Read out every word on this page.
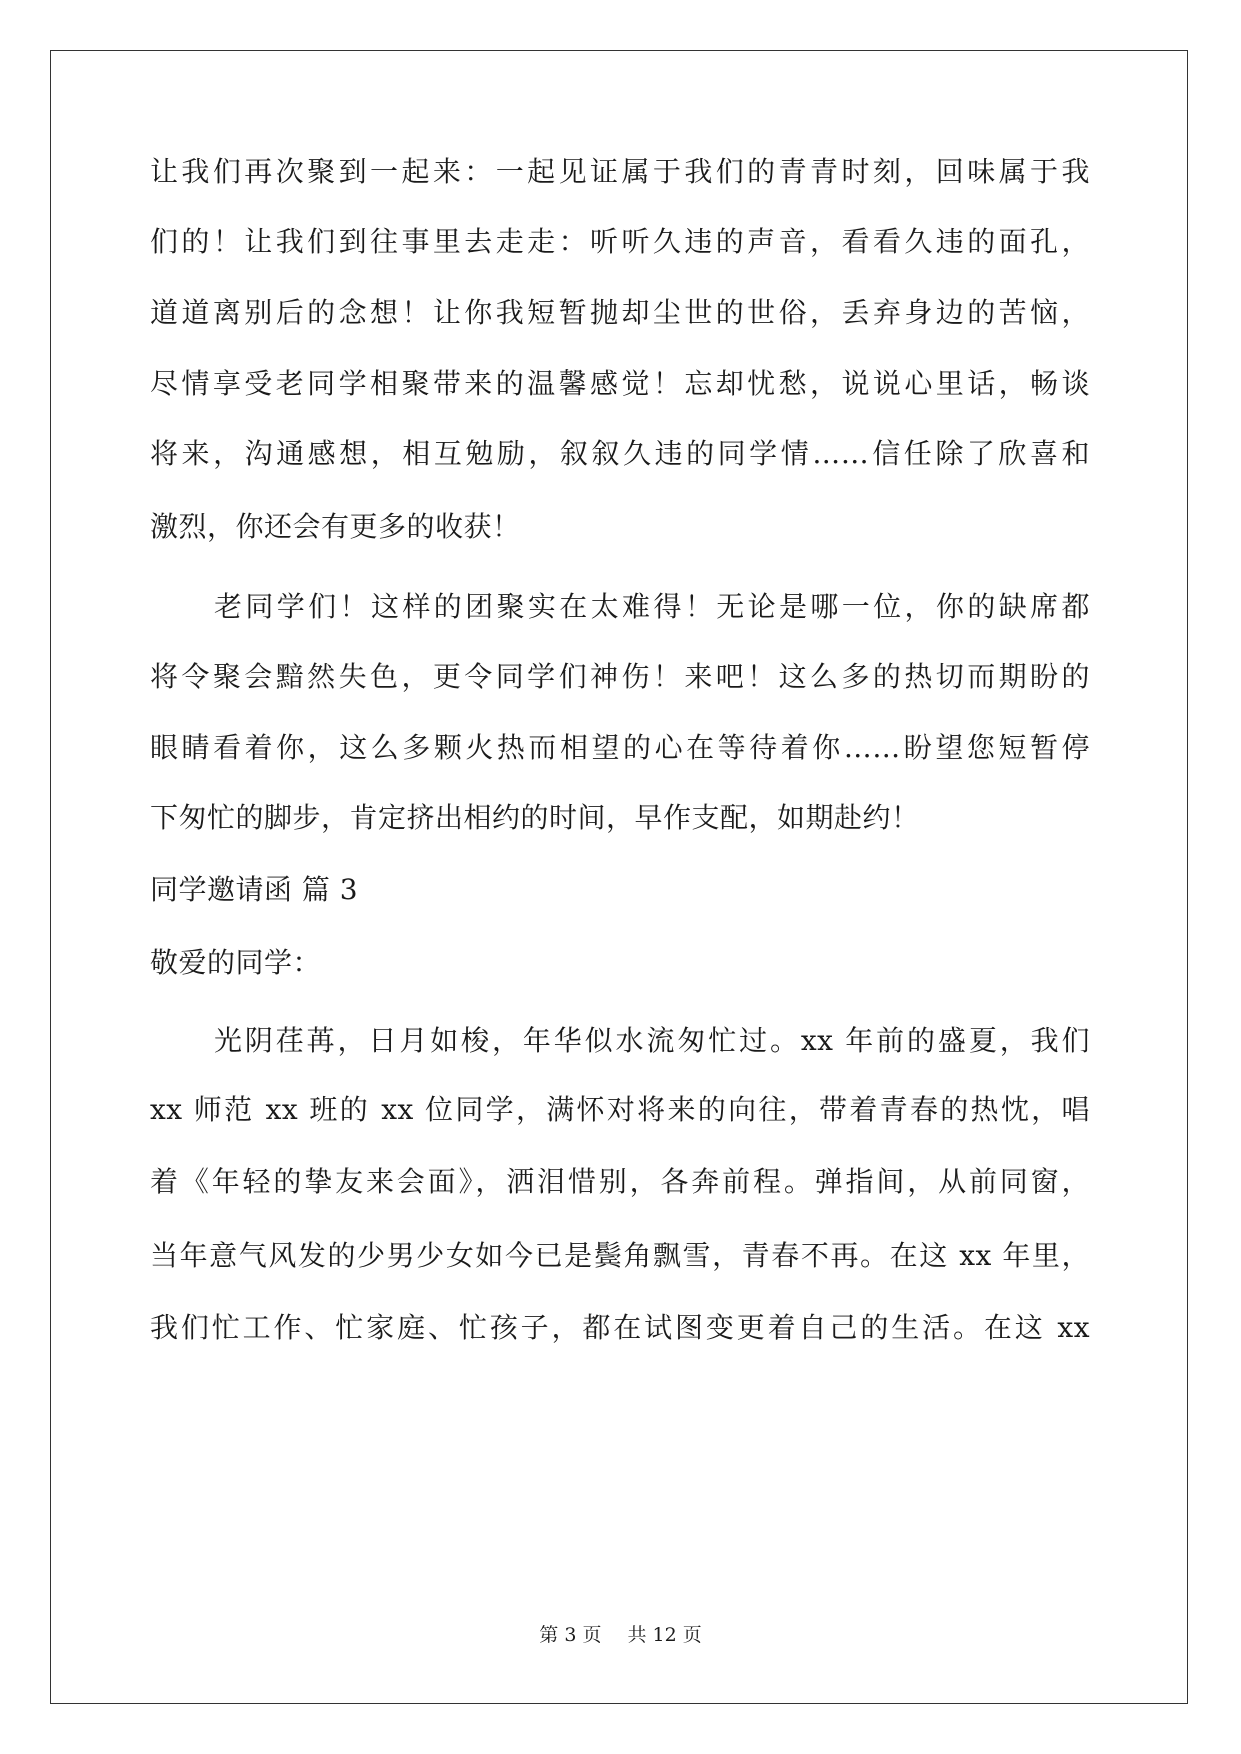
让我们再次聚到一起来：一起见证属于我们的青青时刻，回味属于我
们的！让我们到往事里去走走：听听久违的声音，看看久违的面孔，
道道离别后的念想！让你我短暂抛却尘世的世俗，丢弃身边的苦恼，
尽情享受老同学相聚带来的温馨感觉！忘却忧愁，说说心里话，畅谈
将来，沟通感想，相互勉励，叙叙久违的同学情……信任除了欣喜和
激烈，你还会有更多的收获！
老同学们！这样的团聚实在太难得！无论是哪一位，你的缺席都
将令聚会黯然失色，更令同学们神伤！来吧！这么多的热切而期盼的
眼睛看着你，这么多颗火热而相望的心在等待着你……盼望您短暂停
下匆忙的脚步，肯定挤出相约的时间，早作支配，如期赴约！
同学邀请函 篇 3
敬爱的同学：
光阴荏苒，日月如梭，年华似水流匆忙过。xx 年前的盛夏，我们
xx 师范 xx 班的 xx 位同学，满怀对将来的向往，带着青春的热忱，唱
着《年轻的挚友来会面》，洒泪惜别，各奔前程。弹指间，从前同窗，
当年意气风发的少男少女如今已是鬓角飘雪，青春不再。在这 xx 年里，
我们忙工作、忙家庭、忙孩子，都在试图变更着自己的生活。在这 xx
第 3 页 共 12 页
